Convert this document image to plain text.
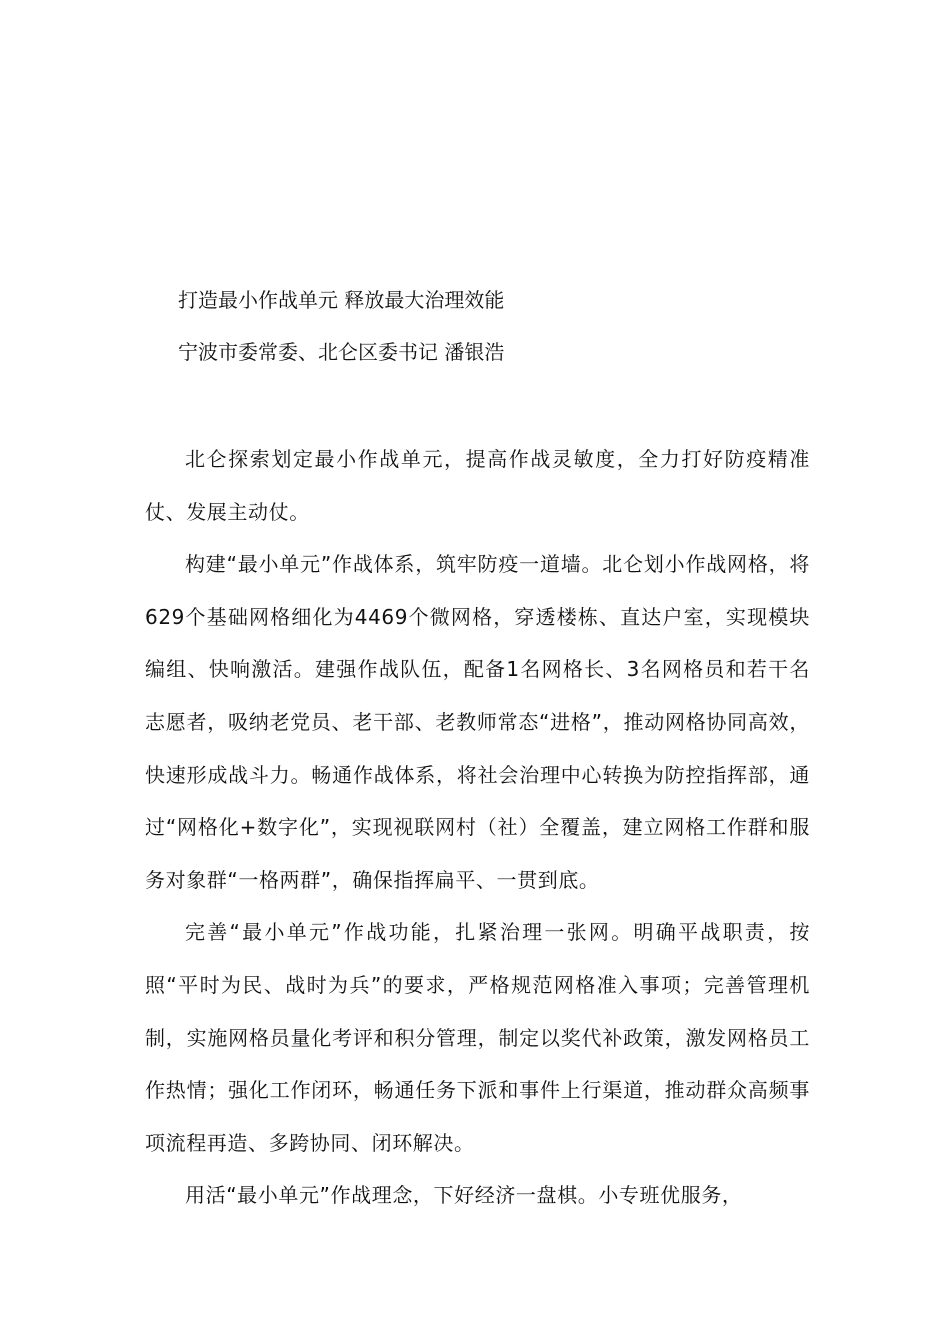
打造最小作战单元 释放最大治理效能

宁波市委常委、北仑区委书记 潘银浩

北仑探索划定最小作战单元，提高作战灵敏度，全力打好防疫精准仗、发展主动仗。

构建“最小单元”作战体系，筑牢防疫一道墙。北仑划小作战网格，将629个基础网格细化为4469个微网格，穿透楼栋、直达户室，实现模块编组、快响激活。建强作战队伍，配备1名网格长、3名网格员和若干名志愿者，吸纳老党员、老干部、老教师常态“进格”，推动网格协同高效，快速形成战斗力。畅通作战体系，将社会治理中心转换为防控指挥部，通过“网格化+数字化”，实现视联网村（社）全覆盖，建立网格工作群和服务对象群“一格两群”，确保指挥扁平、一贯到底。

完善“最小单元”作战功能，扎紧治理一张网。明确平战职责，按照“平时为民、战时为兵”的要求，严格规范网格准入事项；完善管理机制，实施网格员量化考评和积分管理，制定以奖代补政策，激发网格员工作热情；强化工作闭环，畅通任务下派和事件上行渠道，推动群众高频事项流程再造、多跨协同、闭环解决。

用活“最小单元”作战理念，下好经济一盘棋。小专班优服务，
